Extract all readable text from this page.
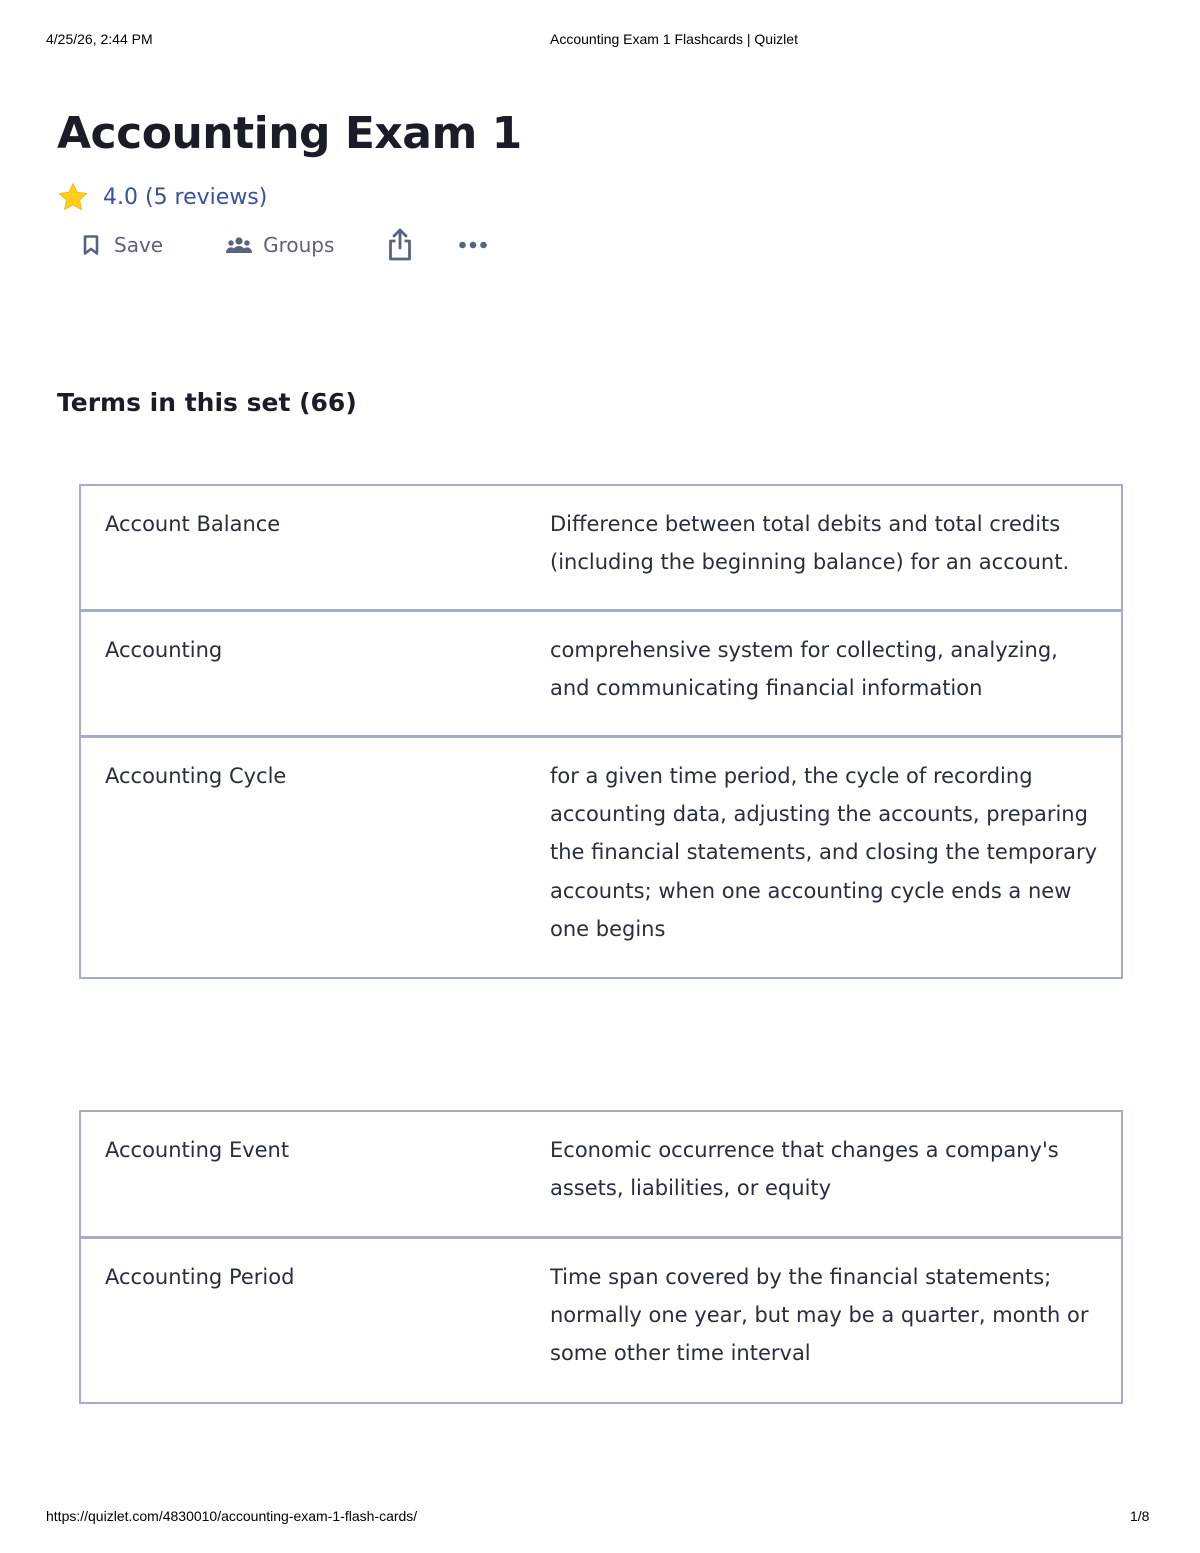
4/25/26, 2:44 PM	Accounting Exam 1 Flashcards | Quizlet
Accounting Exam 1
4.0 (5 reviews)
Save	Groups
Terms in this set (66)
Account Balance	Difference between total debits and total credits (including the beginning balance) for an account.
Accounting	comprehensive system for collecting, analyzing, and communicating financial information
Accounting Cycle	for a given time period, the cycle of recording accounting data, adjusting the accounts, preparing the financial statements, and closing the temporary accounts; when one accounting cycle ends a new one begins
Accounting Event	Economic occurrence that changes a company's assets, liabilities, or equity
Accounting Period	Time span covered by the financial statements; normally one year, but may be a quarter, month or some other time interval
https://quizlet.com/4830010/accounting-exam-1-flash-cards/	1/8
